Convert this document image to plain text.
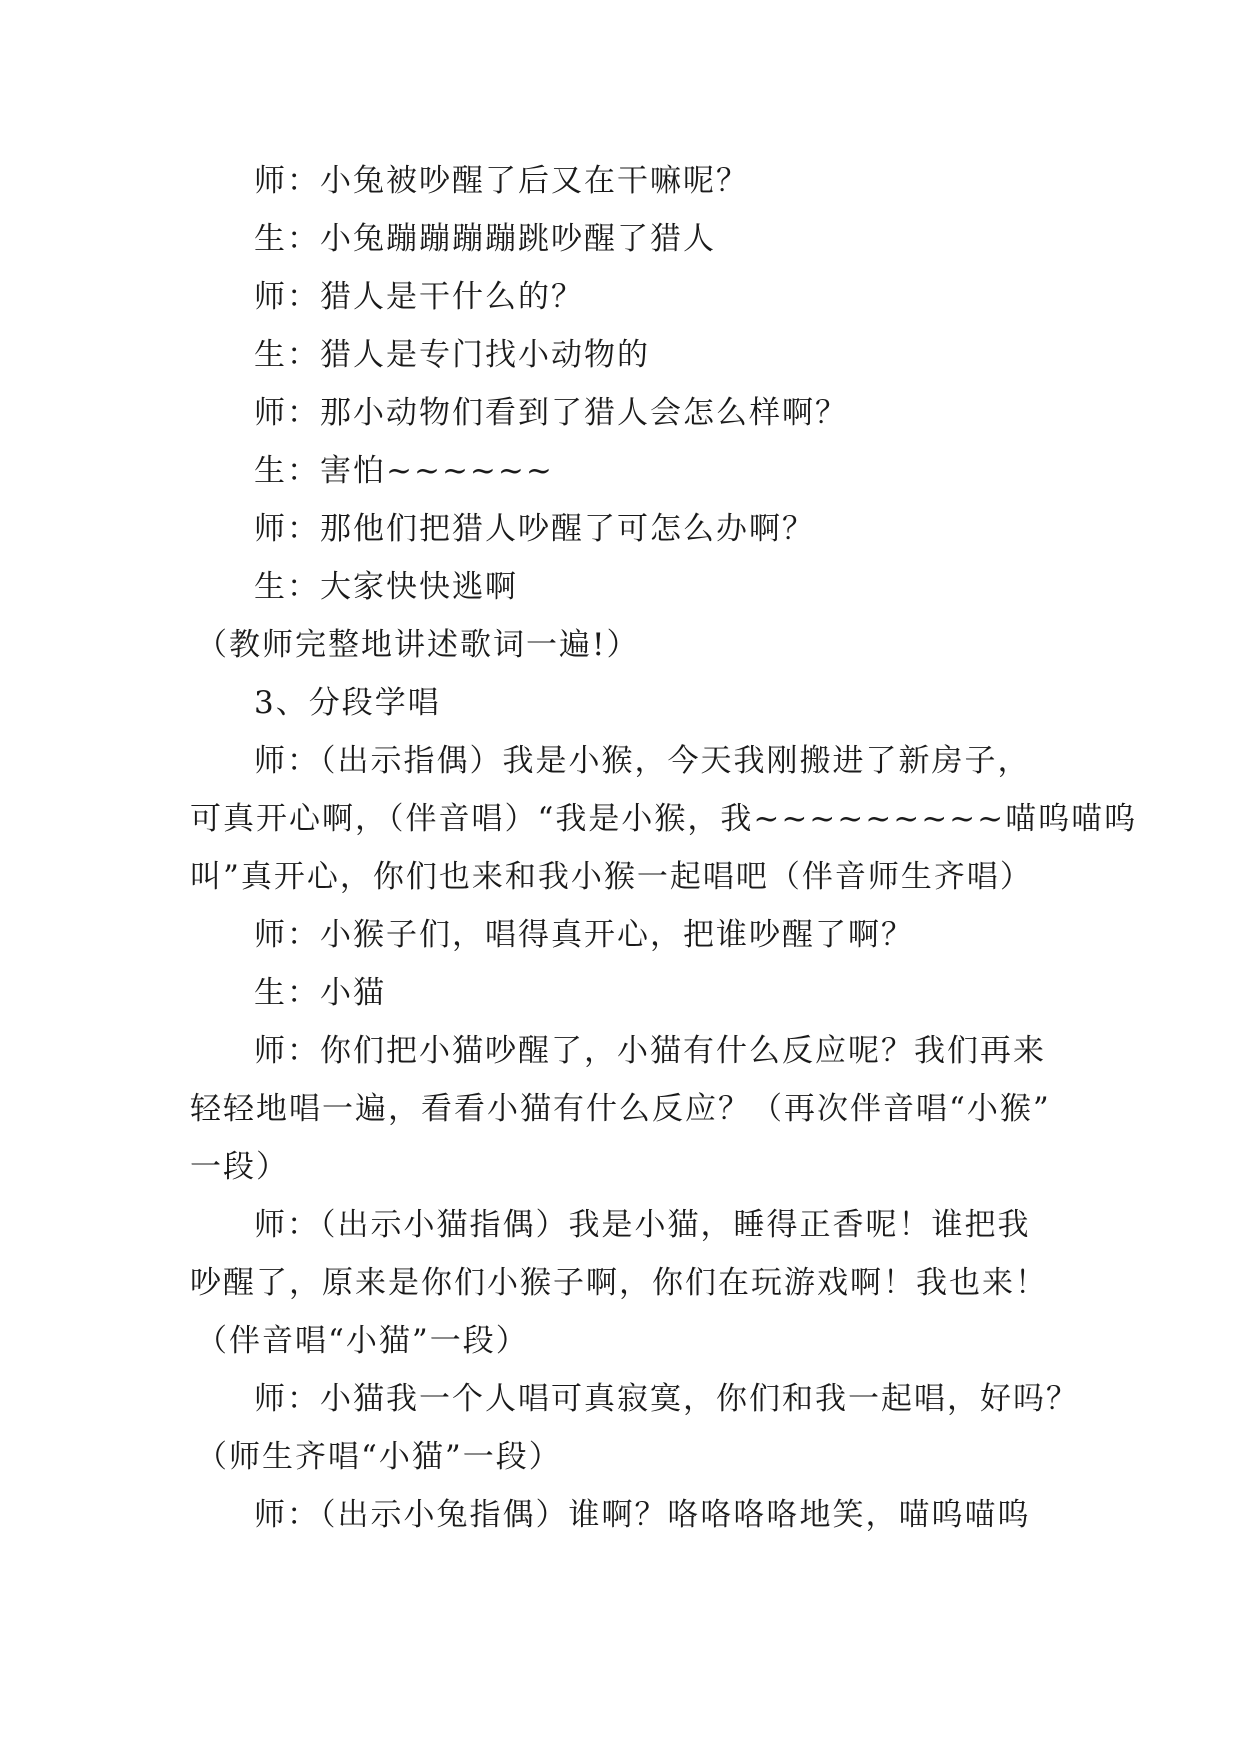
师：小兔被吵醒了后又在干嘛呢？
生：小兔蹦蹦蹦蹦跳吵醒了猎人
师：猎人是干什么的？
生：猎人是专门找小动物的
师：那小动物们看到了猎人会怎么样啊？
生：害怕~~~~~~
师：那他们把猎人吵醒了可怎么办啊？
生：大家快快逃啊
（教师完整地讲述歌词一遍!）
3、分段学唱
师：（出示指偶）我是小猴，今天我刚搬进了新房子，
可真开心啊，（伴音唱）“我是小猴，我~~~~~~~~~喵呜喵呜
叫”真开心，你们也来和我小猴一起唱吧（伴音师生齐唱）
师：小猴子们，唱得真开心，把谁吵醒了啊？
生：小猫
师：你们把小猫吵醒了，小猫有什么反应呢？我们再来
轻轻地唱一遍，看看小猫有什么反应？（再次伴音唱“小猴”
一段）
师：（出示小猫指偶）我是小猫，睡得正香呢！谁把我
吵醒了，原来是你们小猴子啊，你们在玩游戏啊！我也来！
（伴音唱“小猫”一段）
师：小猫我一个人唱可真寂寞，你们和我一起唱，好吗？
（师生齐唱“小猫”一段）
师：（出示小兔指偶）谁啊？咯咯咯咯地笑，喵呜喵呜
